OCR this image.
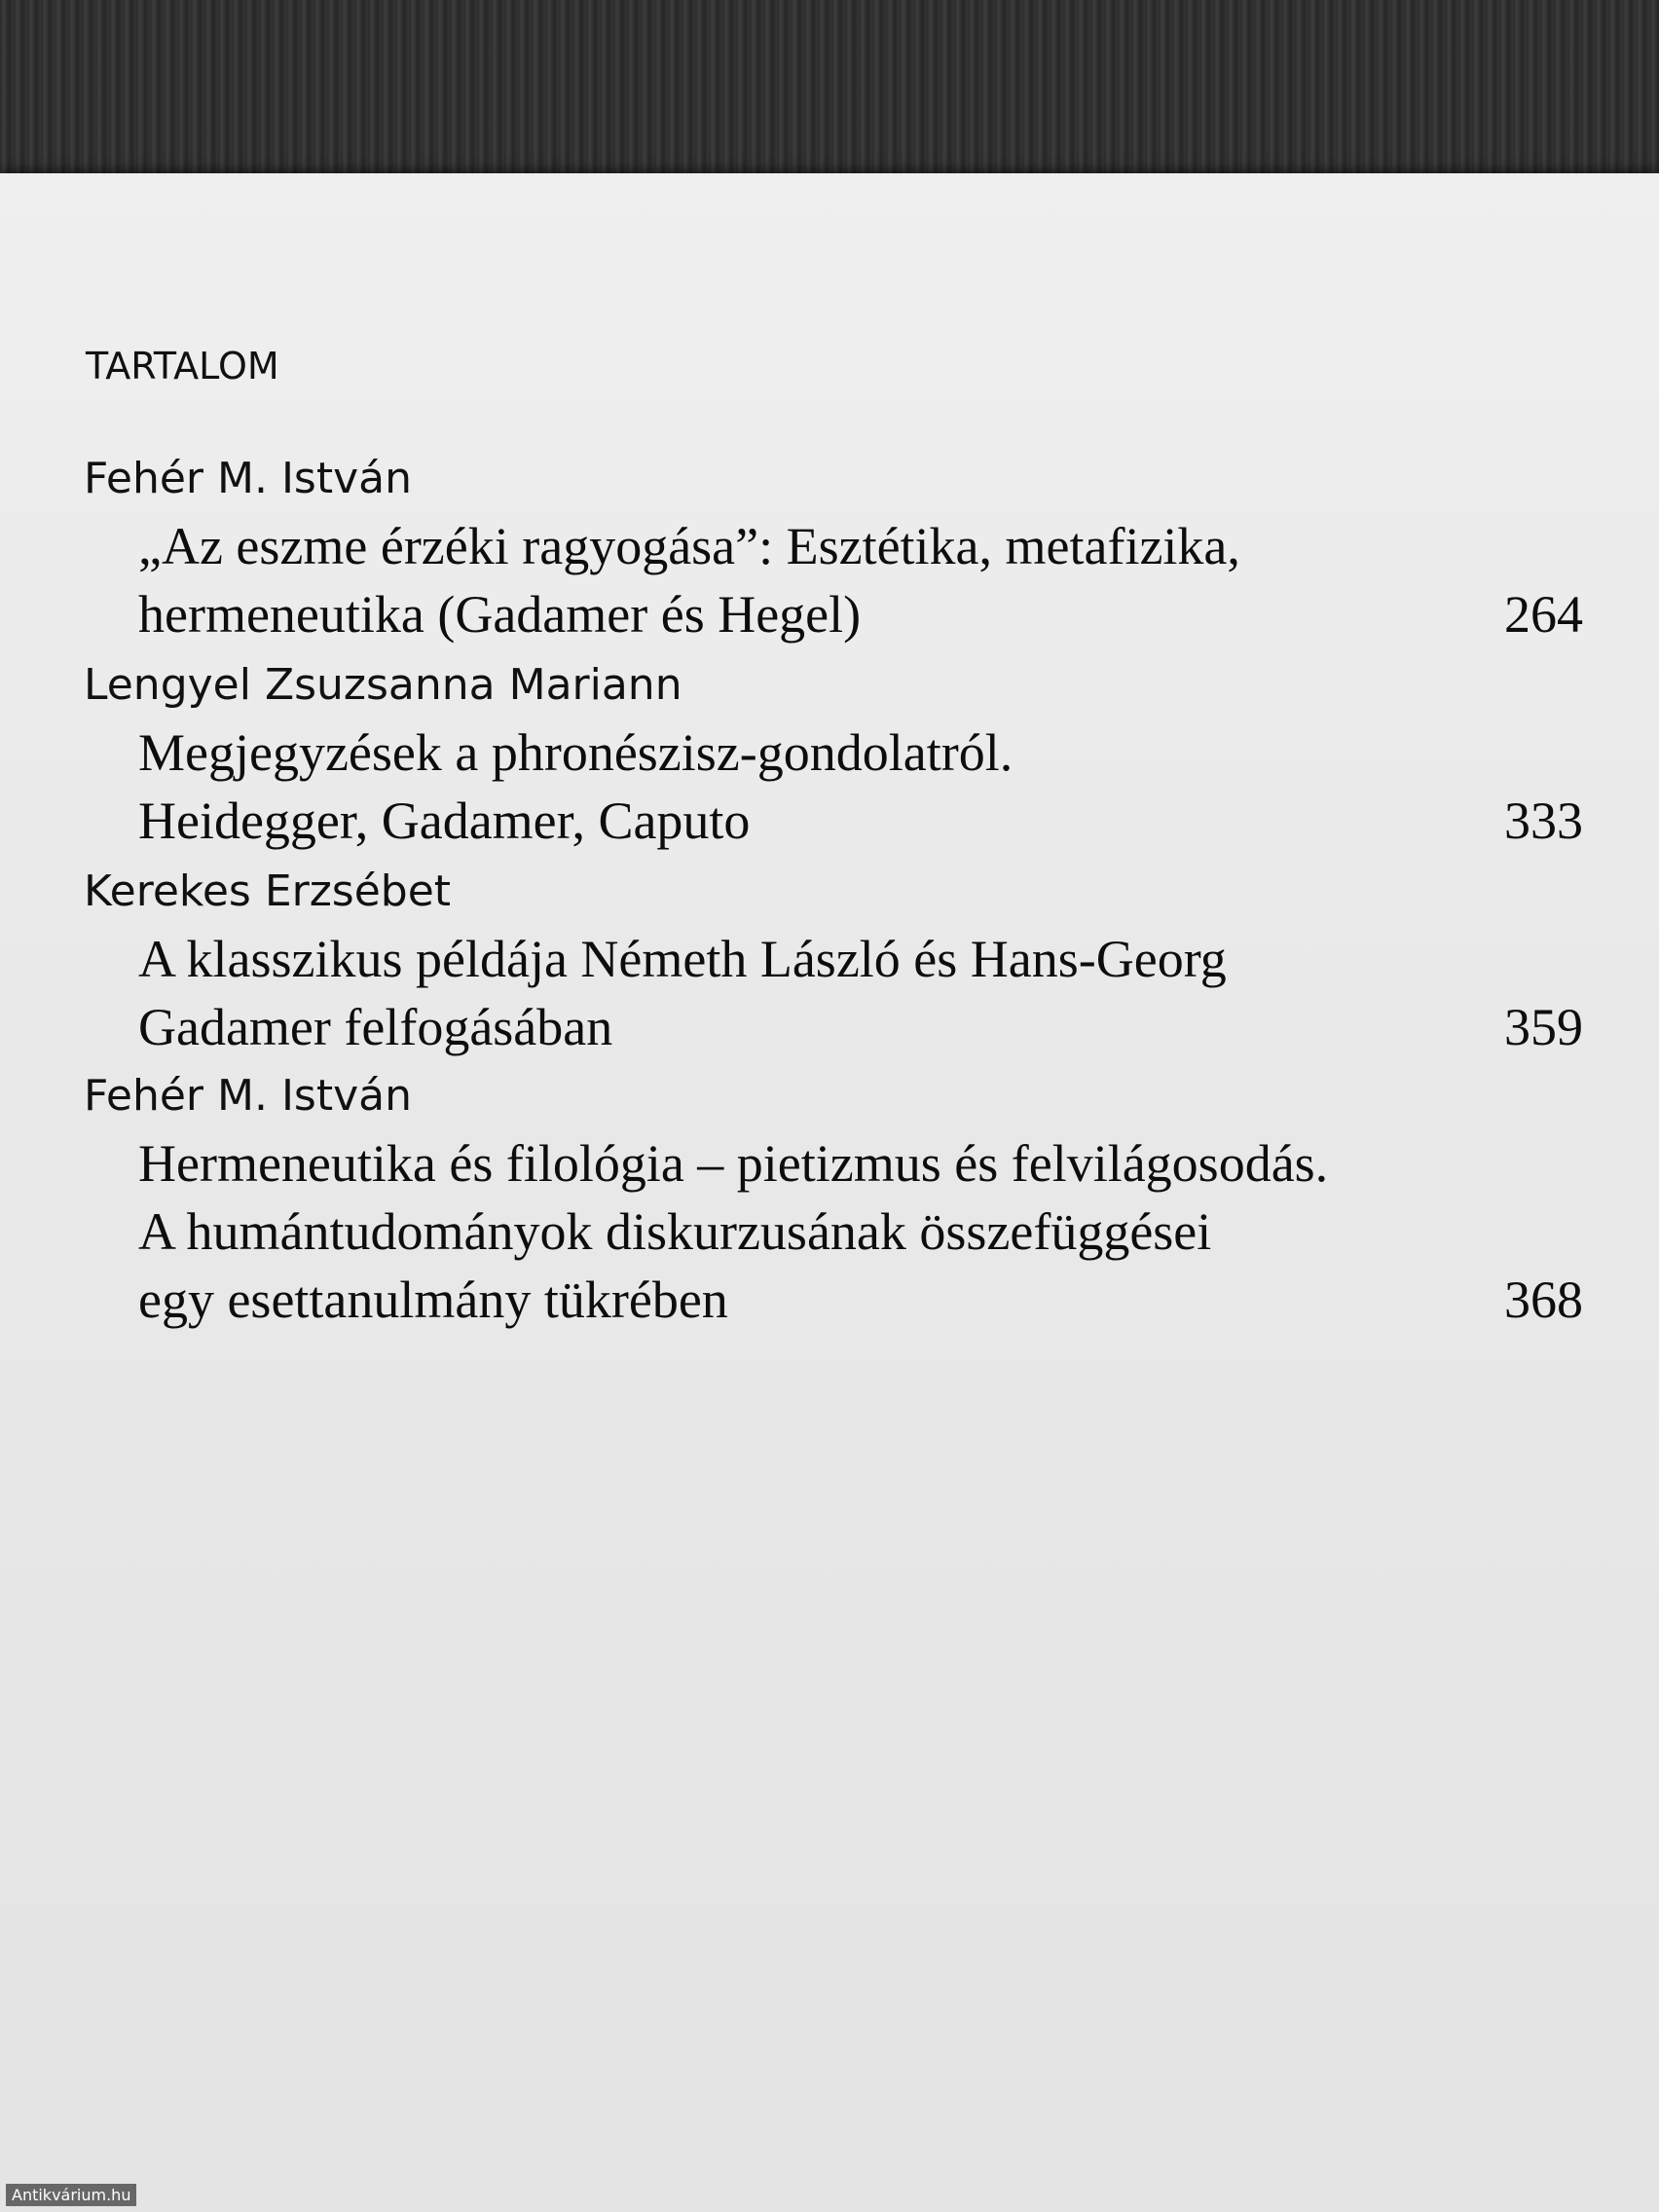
TARTALOM
Fehér M. István
„Az eszme érzéki ragyogása”: Esztétika, metafizika,
hermeneutika (Gadamer és Hegel)	264
Lengyel Zsuzsanna Mariann
Megjegyzések a phronészisz-gondolatról.
Heidegger, Gadamer, Caputo	333
Kerekes Erzsébet
A klasszikus példája Németh László és Hans-Georg
Gadamer felfogásában	359
Fehér M. István
Hermeneutika és filológia – pietizmus és felvilágosodás.
A humántudományok diskurzusának összefüggései
egy esettanulmány tükrében	368
Antikvárium.hu
